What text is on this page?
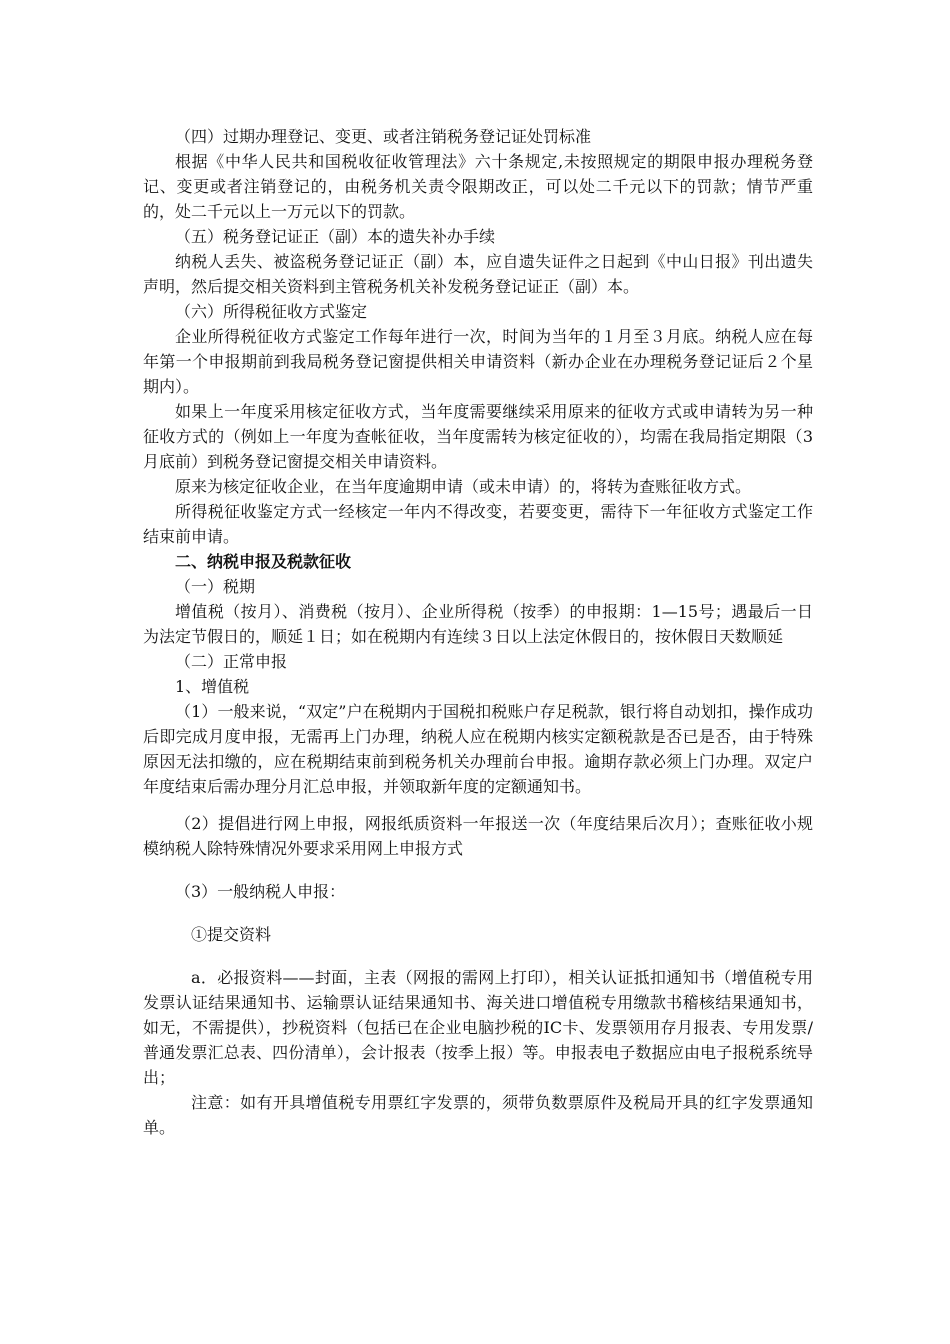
（四）过期办理登记、变更、或者注销税务登记证处罚标准

根据《中华人民共和国税收征收管理法》六十条规定,未按照规定的期限申报办理税务登记、变更或者注销登记的，由税务机关责令限期改正，可以处二千元以下的罚款；情节严重的，处二千元以上一万元以下的罚款。

（五）税务登记证正（副）本的遗失补办手续

纳税人丢失、被盗税务登记证正（副）本，应自遗失证件之日起到《中山日报》刊出遗失声明，然后提交相关资料到主管税务机关补发税务登记证正（副）本。

（六）所得税征收方式鉴定

企业所得税征收方式鉴定工作每年进行一次，时间为当年的１月至３月底。纳税人应在每年第一个申报期前到我局税务登记窗提供相关申请资料（新办企业在办理税务登记证后２个星期内）。

如果上一年度采用核定征收方式，当年度需要继续采用原来的征收方式或申请转为另一种征收方式的（例如上一年度为查帐征收，当年度需转为核定征收的），均需在我局指定期限（3月底前）到税务登记窗提交相关申请资料。

原来为核定征收企业，在当年度逾期申请（或未申请）的，将转为查账征收方式。

所得税征收鉴定方式一经核定一年内不得改变，若要变更，需待下一年征收方式鉴定工作结束前申请。

二、纳税申报及税款征收

（一）税期

增值税（按月）、消费税（按月）、企业所得税（按季）的申报期：1—15号；遇最后一日为法定节假日的，顺延１日；如在税期内有连续３日以上法定休假日的，按休假日天数顺延

（二）正常申报

1、增值税

（1）一般来说，“双定”户在税期内于国税扣税账户存足税款，银行将自动划扣，操作成功后即完成月度申报，无需再上门办理，纳税人应在税期内核实定额税款是否已是否，由于特殊原因无法扣缴的，应在税期结束前到税务机关办理前台申报。逾期存款必须上门办理。双定户年度结束后需办理分月汇总申报，并领取新年度的定额通知书。

（2）提倡进行网上申报，网报纸质资料一年报送一次（年度结果后次月）；查账征收小规模纳税人除特殊情况外要求采用网上申报方式

（3）一般纳税人申报：

①提交资料

a．必报资料——封面，主表（网报的需网上打印），相关认证抵扣通知书（增值税专用发票认证结果通知书、运输票认证结果通知书、海关进口增值税专用缴款书稽核结果通知书，如无，不需提供），抄税资料（包括已在企业电脑抄税的IC卡、发票领用存月报表、专用发票/普通发票汇总表、四份清单），会计报表（按季上报）等。申报表电子数据应由电子报税系统导出；

注意：如有开具增值税专用票红字发票的，须带负数票原件及税局开具的红字发票通知单。
